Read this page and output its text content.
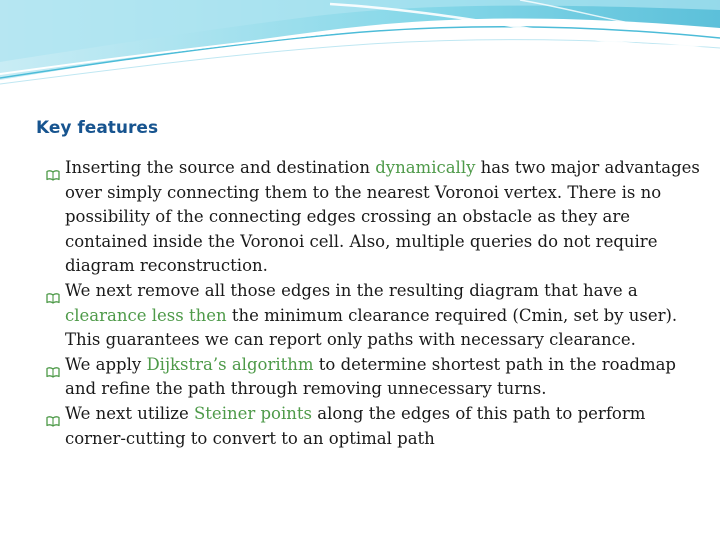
Key features
Inserting the source and destination dynamically has two major advantages over simply connecting them to the nearest Voronoi vertex. There is no possibility of the connecting edges crossing an obstacle as they are contained inside the Voronoi cell. Also, multiple queries do not require diagram reconstruction.
We next remove all those edges in the resulting diagram that have a clearance less then the minimum clearance required (Cmin, set by user). This guarantees we can report only paths with necessary clearance.
We apply Dijkstra’s algorithm to determine shortest path in the roadmap and refine the path through removing unnecessary turns.
We next utilize Steiner points along the edges of this path to perform corner-cutting to convert to an optimal path
